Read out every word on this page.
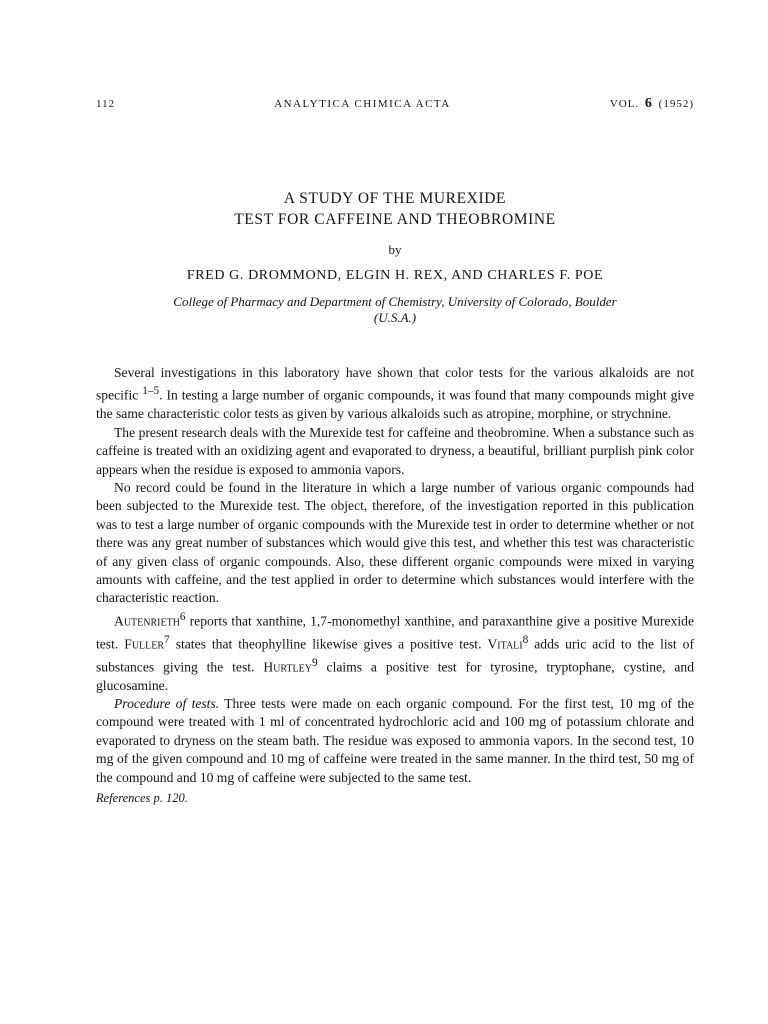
112	ANALYTICA CHIMICA ACTA	VOL. 6 (1952)
A STUDY OF THE MUREXIDE
TEST FOR CAFFEINE AND THEOBROMINE
by
FRED G. DROMMOND, ELGIN H. REX, AND CHARLES F. POE
College of Pharmacy and Department of Chemistry, University of Colorado, Boulder
(U.S.A.)

Several investigations in this laboratory have shown that color tests for the various alkaloids are not specific $^{1-5}$. In testing a large number of organic compounds, it was found that many compounds might give the same characteristic color tests as given by various alkaloids such as atropine, morphine, or strychnine.

The present research deals with the Murexide test for caffeine and theobromine. When a substance such as caffeine is treated with an oxidizing agent and evaporated to dryness, a beautiful, brilliant purplish pink color appears when the residue is exposed to ammonia vapors.

No record could be found in the literature in which a large number of various organic compounds had been subjected to the Murexide test. The object, therefore, of the investigation reported in this publication was to test a large number of organic compounds with the Murexide test in order to determine whether or not there was any great number of substances which would give this test, and whether this test was characteristic of any given class of organic compounds. Also, these different organic compounds were mixed in varying amounts with caffeine, and the test applied in order to determine which substances would interfere with the characteristic reaction.

Autenrieth$^6$ reports that xanthine, 1,7-monomethyl xanthine, and paraxanthine give a positive Murexide test. Fuller$^7$ states that theophylline likewise gives a positive test. Vitali$^8$ adds uric acid to the list of substances giving the test. Hurtley$^9$ claims a positive test for tyrosine, tryptophane, cystine, and glucosamine.

Procedure of tests. Three tests were made on each organic compound. For the first test, 10 mg of the compound were treated with 1 ml of concentrated hydrochloric acid and 100 mg of potassium chlorate and evaporated to dryness on the steam bath. The residue was exposed to ammonia vapors. In the second test, 10 mg of the given compound and 10 mg of caffeine were treated in the same manner. In the third test, 50 mg of the compound and 10 mg of caffeine were subjected to the same test.

References p. 120.
